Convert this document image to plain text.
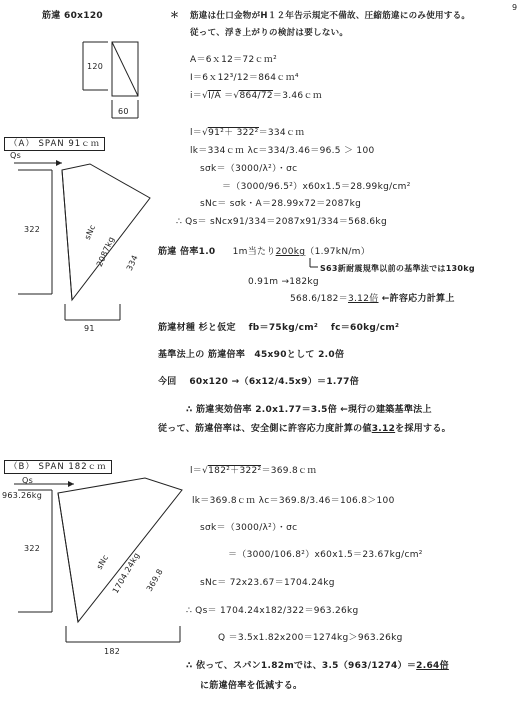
9
筋違 60x120	＊ 筋違は仕口金物がH１２年告示規定不備故、圧縮筋違にのみ使用する。
従って、浮き上がりの検討は要しない。
120
60
A＝6ｘ12＝72ｃｍ²
I＝6ｘ12³/12＝864ｃｍ⁴
i＝√I/A ＝√864/72＝3.46ｃｍ
（A） SPAN 91ｃｍ
Qs
322	sNc
2087kg 334
91
l＝√91²＋ 322²＝334ｃｍ
lk＝334ｃｍ λc＝334/3.46＝96.5 ＞ 100
sσk＝（3000/λ²）・σc
＝（3000/96.5²）x60x1.5＝28.99kg/cm²
sNc＝ sσk・A＝28.99x72＝2087kg
∴ Qs＝ sNcx91/334＝2087x91/334＝568.6kg
筋違 倍率1.0 1m当たり200kg（1.97kN/m）
S63新耐震規準以前の基準法では130kg
0.91m →182kg
568.6/182＝3.12倍 ←許容応力計算上
筋違材種 杉と仮定　 fb＝75kg/cm²　 fc＝60kg/cm²
基準法上の 筋違倍率　45x90として 2.0倍
今回　 60x120 →（6x12/4.5x9）＝1.77倍
∴ 筋違実効倍率 2.0x1.77＝3.5倍 ←現行の建築基準法上
従って、筋違倍率は、安全側に許容応力度計算の値3.12を採用する。
（B） SPAN 182ｃｍ
Qs
963.26kg
322
sNc 1704.24kg 369.8
182
l＝√182²＋322²＝369.8ｃｍ
lk＝369.8ｃｍ λc＝369.8/3.46＝106.8＞100
sσk＝（3000/λ²）・σc
＝（3000/106.8²）x60x1.5＝23.67kg/cm²
sNc＝ 72x23.67＝1704.24kg
∴ Qs＝ 1704.24x182/322＝963.26kg
Q ＝3.5x1.82x200＝1274kg＞963.26kg
∴ 依って、スパン1.82mでは、3.5（963/1274）＝2.64倍
に筋違倍率を低減する。
